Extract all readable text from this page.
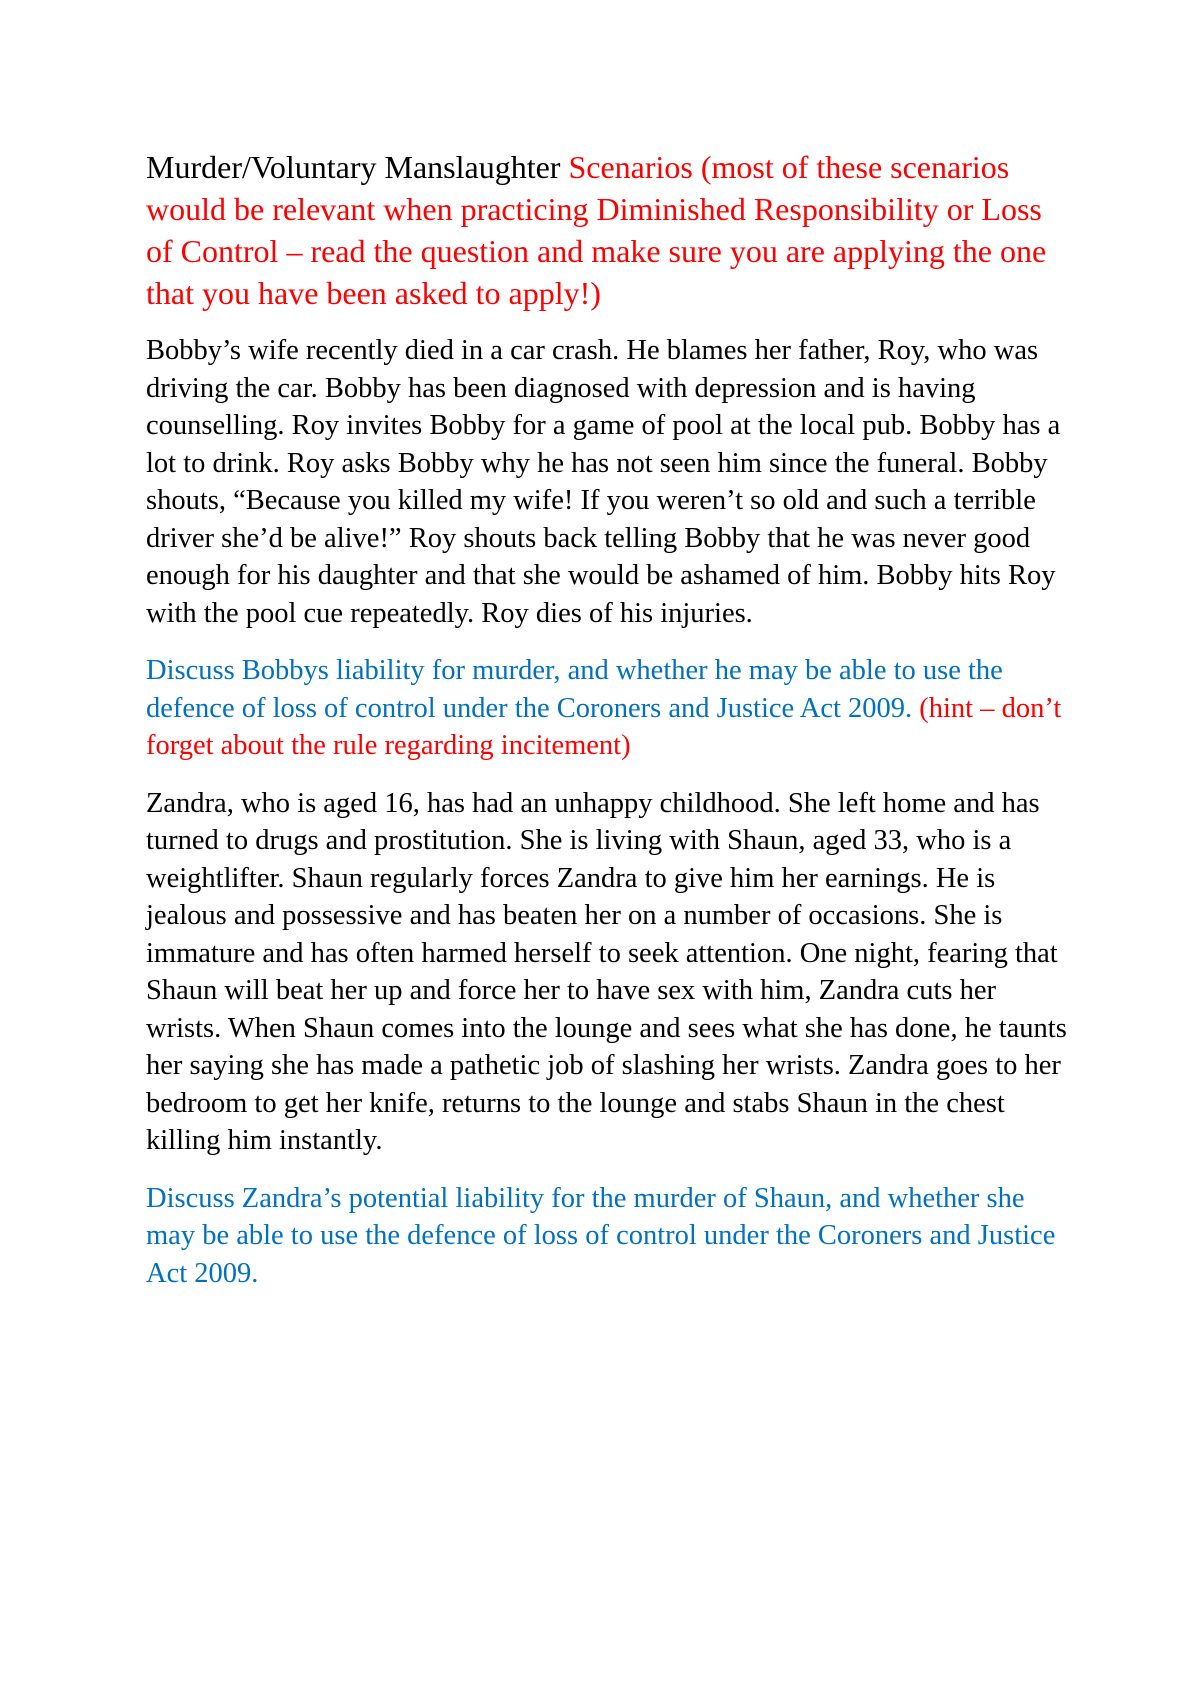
Murder/Voluntary Manslaughter Scenarios (most of these scenarios would be relevant when practicing Diminished Responsibility or Loss of Control – read the question and make sure you are applying the one that you have been asked to apply!)

Bobby’s wife recently died in a car crash. He blames her father, Roy, who was driving the car. Bobby has been diagnosed with depression and is having counselling. Roy invites Bobby for a game of pool at the local pub. Bobby has a lot to drink. Roy asks Bobby why he has not seen him since the funeral. Bobby shouts, “Because you killed my wife! If you weren’t so old and such a terrible driver she’d be alive!” Roy shouts back telling Bobby that he was never good enough for his daughter and that she would be ashamed of him. Bobby hits Roy with the pool cue repeatedly. Roy dies of his injuries.

Discuss Bobbys liability for murder, and whether he may be able to use the defence of loss of control under the Coroners and Justice Act 2009. (hint – don’t forget about the rule regarding incitement)

Zandra, who is aged 16, has had an unhappy childhood. She left home and has turned to drugs and prostitution. She is living with Shaun, aged 33, who is a weightlifter. Shaun regularly forces Zandra to give him her earnings. He is jealous and possessive and has beaten her on a number of occasions. She is immature and has often harmed herself to seek attention. One night, fearing that Shaun will beat her up and force her to have sex with him, Zandra cuts her wrists. When Shaun comes into the lounge and sees what she has done, he taunts her saying she has made a pathetic job of slashing her wrists. Zandra goes to her bedroom to get her knife, returns to the lounge and stabs Shaun in the chest killing him instantly.

Discuss Zandra’s potential liability for the murder of Shaun, and whether she may be able to use the defence of loss of control under the Coroners and Justice Act 2009.
